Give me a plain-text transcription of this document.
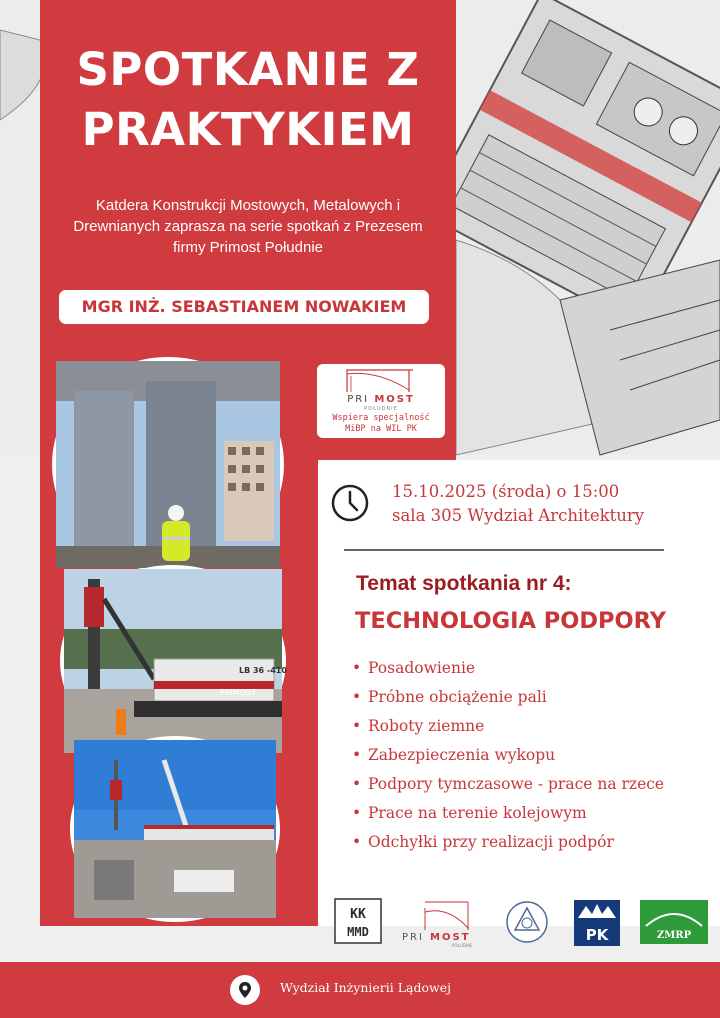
SPOTKANIE Z PRAKTYKIEM

Katdera Konstrukcji Mostowych, Metalowych i Drewnianych zaprasza na serie spotkań z Prezesem firmy Primost Południe

MGR INŻ. SEBASTIANEM NOWAKIEM
PRI MOST
POŁUDNIE
Wspiera specjalność
MiBP na WIL PK
LB 36 -410
PRIMOST
15.10.2025 (środa) o 15:00
sala 305 Wydział Architektury
Temat spotkania nr 4:
TECHNOLOGIA PODPORY
• Posadowienie
• Próbne obciążenie pali
• Roboty ziemne
• Zabezpieczenia wykopu
• Podpory tymczasowe - prace na rzece
• Prace na terenie kolejowym
• Odchyłki przy realizacji podpór
KK
MMD	PRI MOST
POŁUDNIE
PK	ZMRP
Wydział Inżynierii Lądowej
